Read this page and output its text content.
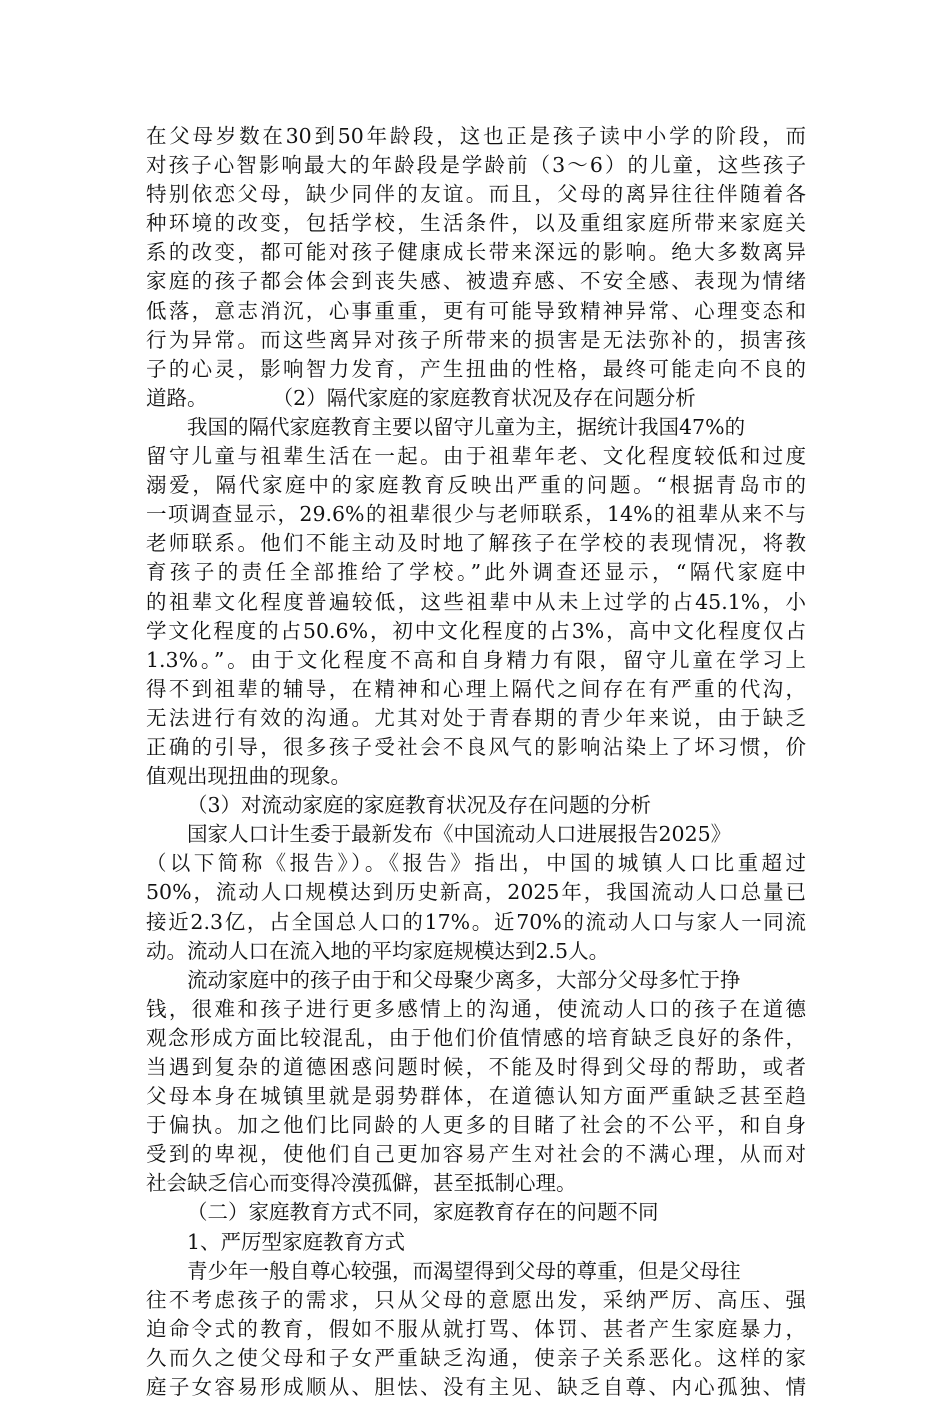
在父母岁数在30到50年龄段，这也正是孩子读中小学的阶段，而
对孩子心智影响最大的年龄段是学龄前（3～6）的儿童，这些孩子
特别依恋父母，缺少同伴的友谊。而且，父母的离异往往伴随着各
种环境的改变，包括学校，生活条件，以及重组家庭所带来家庭关
系的改变，都可能对孩子健康成长带来深远的影响。绝大多数离异
家庭的孩子都会体会到丧失感、被遗弃感、不安全感、表现为情绪
低落，意志消沉，心事重重，更有可能导致精神异常、心理变态和
行为异常。而这些离异对孩子所带来的损害是无法弥补的，损害孩
子的心灵，影响智力发育，产生扭曲的性格，最终可能走向不良的
道路。          （2）隔代家庭的家庭教育状况及存在问题分析
我国的隔代家庭教育主要以留守儿童为主，据统计我国47%的
留守儿童与祖辈生活在一起。由于祖辈年老、文化程度较低和过度
溺爱，隔代家庭中的家庭教育反映出严重的问题。“根据青岛市的
一项调查显示，29.6%的祖辈很少与老师联系，14%的祖辈从来不与
老师联系。他们不能主动及时地了解孩子在学校的表现情况，将教
育孩子的责任全部推给了学校。”此外调查还显示，“隔代家庭中
的祖辈文化程度普遍较低，这些祖辈中从未上过学的占45.1%，小
学文化程度的占50.6%，初中文化程度的占3%，高中文化程度仅占
1.3%。”。由于文化程度不高和自身精力有限，留守儿童在学习上
得不到祖辈的辅导，在精神和心理上隔代之间存在有严重的代沟，
无法进行有效的沟通。尤其对处于青春期的青少年来说，由于缺乏
正确的引导，很多孩子受社会不良风气的影响沾染上了坏习惯，价
值观出现扭曲的现象。
（3）对流动家庭的家庭教育状况及存在问题的分析
国家人口计生委于最新发布《中国流动人口进展报告2025》
（以下简称《报告》）。《报告》指出，中国的城镇人口比重超过
50%，流动人口规模达到历史新高，2025年，我国流动人口总量已
接近2.3亿，占全国总人口的17%。近70%的流动人口与家人一同流
动。流动人口在流入地的平均家庭规模达到2.5人。
流动家庭中的孩子由于和父母聚少离多，大部分父母多忙于挣
钱，很难和孩子进行更多感情上的沟通，使流动人口的孩子在道德
观念形成方面比较混乱，由于他们价值情感的培育缺乏良好的条件，
当遇到复杂的道德困惑问题时候，不能及时得到父母的帮助，或者
父母本身在城镇里就是弱势群体，在道德认知方面严重缺乏甚至趋
于偏执。加之他们比同龄的人更多的目睹了社会的不公平，和自身
受到的卑视，使他们自己更加容易产生对社会的不满心理，从而对
社会缺乏信心而变得冷漠孤僻，甚至抵制心理。
（二）家庭教育方式不同，家庭教育存在的问题不同
1、严厉型家庭教育方式
青少年一般自尊心较强，而渴望得到父母的尊重，但是父母往
往不考虑孩子的需求，只从父母的意愿出发，采纳严厉、高压、强
迫命令式的教育，假如不服从就打骂、体罚、甚者产生家庭暴力，
久而久之使父母和子女严重缺乏沟通，使亲子关系恶化。这样的家
庭子女容易形成顺从、胆怯、没有主见、缺乏自尊、内心孤独、情
